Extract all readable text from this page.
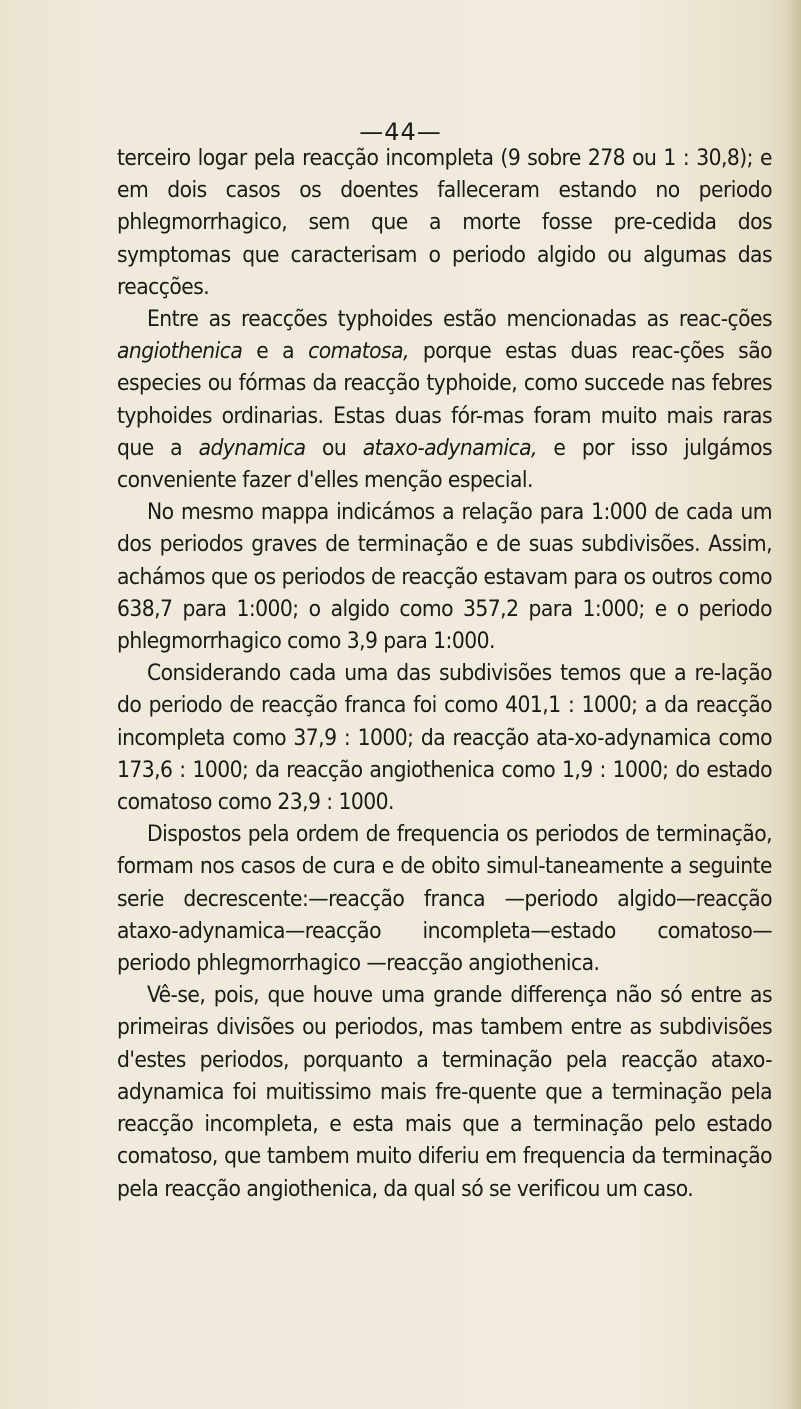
—44—

terceiro logar pela reacção incompleta (9 sobre 278 ou 1 : 30,8); e em dois casos os doentes falleceram estando no periodo phlegmorrhagico, sem que a morte fosse pre-cedida dos symptomas que caracterisam o periodo algido ou algumas das reacções.

Entre as reacções typhoides estão mencionadas as reac-ções angiothenica e a comatosa, porque estas duas reac-ções são especies ou fórmas da reacção typhoide, como succede nas febres typhoides ordinarias. Estas duas fór-mas foram muito mais raras que a adynamica ou ataxo-adynamica, e por isso julgámos conveniente fazer d'elles menção especial.

No mesmo mappa indicámos a relação para 1:000 de cada um dos periodos graves de terminação e de suas subdivisões. Assim, achámos que os periodos de reacção estavam para os outros como 638,7 para 1:000; o algido como 357,2 para 1:000; e o periodo phlegmorrhagico como 3,9 para 1:000.

Considerando cada uma das subdivisões temos que a re-lação do periodo de reacção franca foi como 401,1 : 1000; a da reacção incompleta como 37,9 : 1000; da reacção ata-xo-adynamica como 173,6 : 1000; da reacção angiothenica como 1,9 : 1000; do estado comatoso como 23,9 : 1000.

Dispostos pela ordem de frequencia os periodos de terminação, formam nos casos de cura e de obito simul-taneamente a seguinte serie decrescente:—reacção franca —periodo algido—reacção ataxo-adynamica—reacção incompleta—estado comatoso—periodo phlegmorrhagico —reacção angiothenica.

Vê-se, pois, que houve uma grande differença não só entre as primeiras divisões ou periodos, mas tambem entre as subdivisões d'estes periodos, porquanto a terminação pela reacção ataxo-adynamica foi muitissimo mais fre-quente que a terminação pela reacção incompleta, e esta mais que a terminação pelo estado comatoso, que tambem muito diferiu em frequencia da terminação pela reacção angiothenica, da qual só se verificou um caso.
